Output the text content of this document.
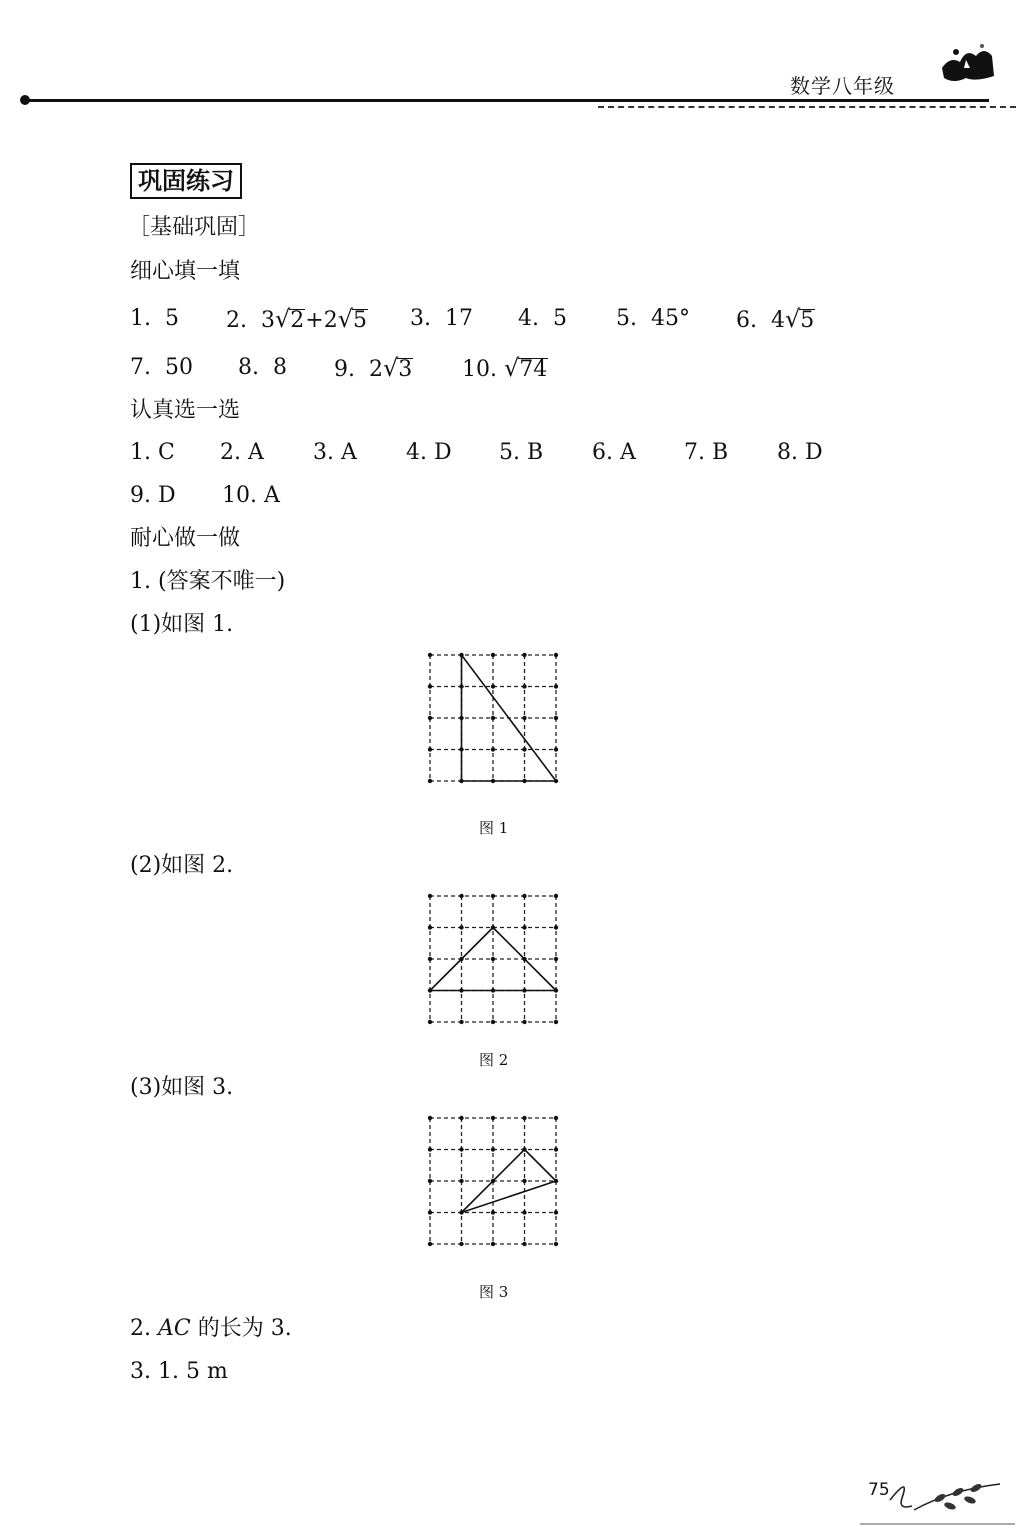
数学八年级
巩固练习
［基础巩固］
细心填一填
1. 5 2.  3√2+2√5 3. 17 4. 5 5. 45° 6.  4√5
7. 50 8. 8 9.  2√3 10. √74
认真选一选
1. C 2. A 3. A 4. D 5. B 6. A 7. B 8. D
9. D 10. A
耐心做一做
1. (答案不唯一)
(1)如图 1.
图 1
(2)如图 2.
图 2
(3)如图 3.
图 3
2. AC 的长为 3.
3. 1. 5 m
75
